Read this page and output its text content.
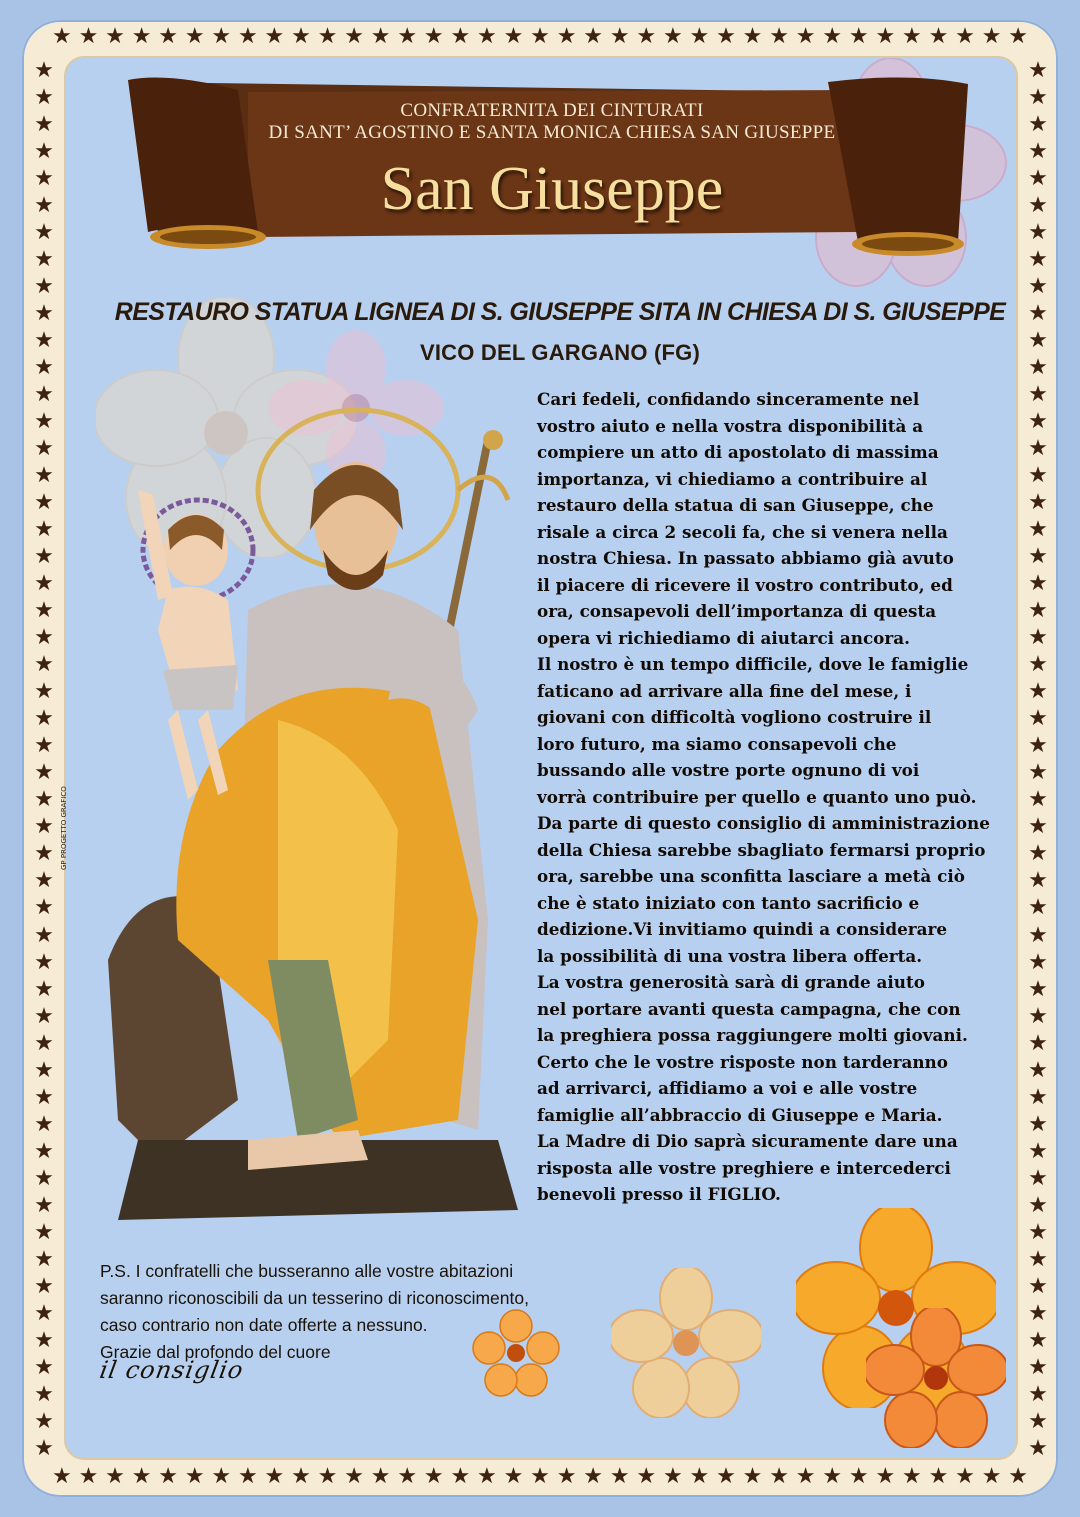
★ ★ ★ ★ ★ ★ ★ ★ ★ ★ ★ ★ ★ ★ ★ ★ ★ ★ ★ ★ ★ ★ ★ ★ ★ ★ ★ ★ ★ ★ ★ ★ ★ ★ ★ ★ ★
★ ★ ★ ★ ★ ★ ★ ★ ★ ★ ★ ★ ★ ★ ★ ★ ★ ★ ★ ★ ★ ★ ★ ★ ★ ★ ★ ★ ★ ★ ★ ★ ★ ★ ★ ★ ★
★
★
★
★
★
★
★
★
★
★
★
★
★
★
★
★
★
★
★
★
★
★
★
★
★
★
★
★
★
★
★
★
★
★
★
★
★
★
★
★
★
★
★
★
★
★
★
★
★
★
★
★
★
★
★
★
★
★
★
★
★
★
★
★
★
★
★
★
★
★
★
★
★
★
★
★
★
★
★
★
★
★
★
★
★
★
★
★
★
★
★
★
★
★
★
★
★
★
★
★
★
★
★
★
CONFRATERNITA DEI CINTURATI
DI SANT’ AGOSTINO E SANTA MONICA CHIESA SAN GIUSEPPE
San Giuseppe
RESTAURO STATUA LIGNEA DI S. GIUSEPPE SITA IN CHIESA DI S. GIUSEPPE
VICO DEL GARGANO (FG)
GP PROGETTO GRAFICO
Cari fedeli, confidando sinceramente nel
vostro aiuto e nella vostra disponibilità a
compiere un atto di apostolato di massima
importanza, vi chiediamo a contribuire al
restauro della statua di san Giuseppe, che
risale a circa 2 secoli fa, che si venera nella
nostra Chiesa. In passato abbiamo già avuto
il piacere di ricevere il vostro contributo, ed
ora, consapevoli dell’importanza di questa
opera vi richiediamo di aiutarci ancora.
Il nostro è un tempo difficile, dove le famiglie
faticano ad arrivare alla fine del mese, i
giovani con difficoltà vogliono costruire il
loro futuro, ma siamo consapevoli che
bussando alle vostre porte ognuno di voi
vorrà contribuire per quello e quanto uno può.
Da parte di questo consiglio di amministrazione
della Chiesa sarebbe sbagliato fermarsi proprio
ora, sarebbe una sconfitta lasciare a metà ciò
che è stato iniziato con tanto sacrificio e
dedizione.Vi invitiamo quindi a considerare
la possibilità di una vostra libera offerta.
La vostra generosità sarà di grande aiuto
nel portare avanti questa campagna, che con
la preghiera possa raggiungere molti giovani.
Certo che le vostre risposte non tarderanno
ad arrivarci, affidiamo a voi e alle vostre
famiglie all’abbraccio di Giuseppe e Maria.
La Madre di Dio saprà sicuramente dare una
risposta alle vostre preghiere e intercederci
benevoli presso il FIGLIO.
P.S. I confratelli che busseranno alle vostre abitazioni
saranno riconoscibili da un tesserino di riconoscimento,
caso contrario non date offerte a nessuno.
Grazie dal profondo del cuore
il consiglio
